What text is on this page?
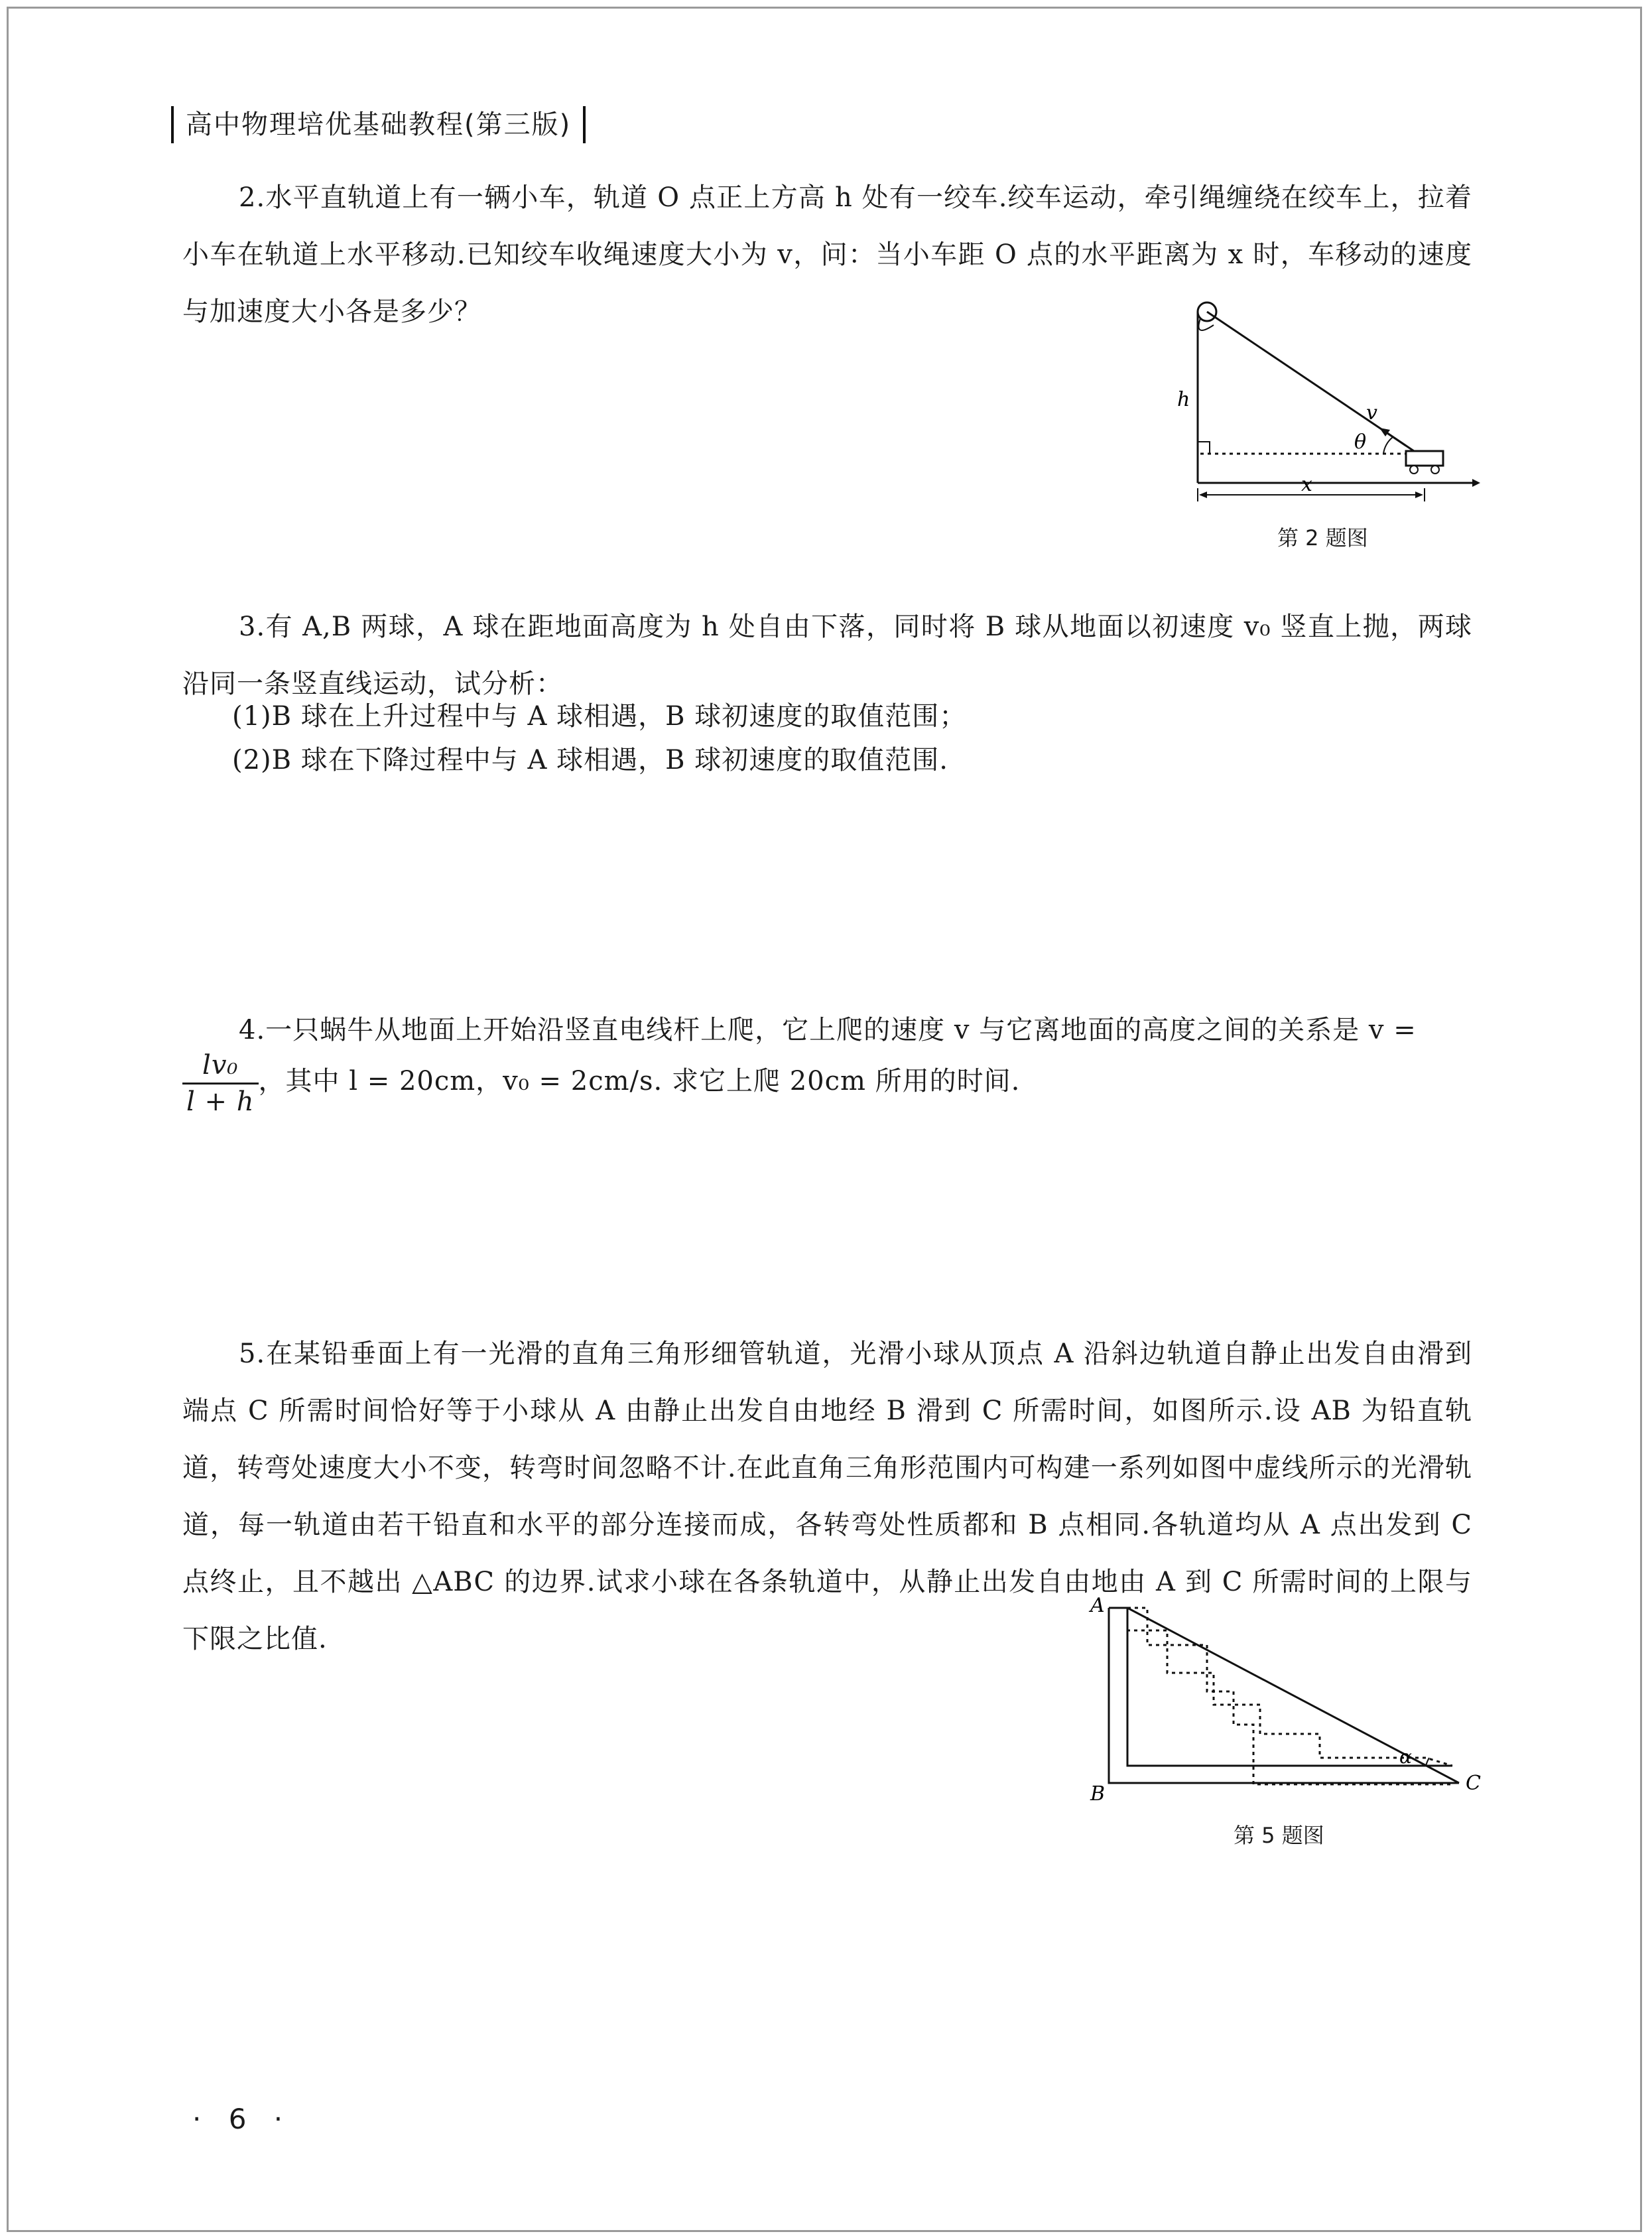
高中物理培优基础教程(第三版)

2.水平直轨道上有一辆小车，轨道 O 点正上方高 h 处有一绞车.绞车运动，牵引绳缠绕在绞车上，拉着小车在轨道上水平移动.已知绞车收绳速度大小为 v，问：当小车距 O 点的水平距离为 x 时，车移动的速度与加速度大小各是多少？

h
v
θ
x
第 2 题图

3.有 A,B 两球，A 球在距地面高度为 h 处自由下落，同时将 B 球从地面以初速度 v₀ 竖直上抛，两球沿同一条竖直线运动，试分析：

(1)B 球在上升过程中与 A 球相遇，B 球初速度的取值范围；
(2)B 球在下降过程中与 A 球相遇，B 球初速度的取值范围.
4.一只蜗牛从地面上开始沿竖直电线杆上爬，它上爬的速度 v 与它离地面的高度之间的关系是 v =
$\frac{\text{lv₀}}{l + h}$ ，其中 l = 20cm，v₀ = 2cm/s. 求它上爬 20cm 所用的时间.

5.在某铅垂面上有一光滑的直角三角形细管轨道，光滑小球从顶点 A 沿斜边轨道自静止出发自由滑到端点 C 所需时间恰好等于小球从 A 由静止出发自由地经 B 滑到 C 所需时间，如图所示.设 AB 为铅直轨道，转弯处速度大小不变，转弯时间忽略不计.在此直角三角形范围内可构建一系列如图中虚线所示的光滑轨道，每一轨道由若干铅直和水平的部分连接而成，各转弯处性质都和 B 点相同.各轨道均从 A 点出发到 C 点终止，且不越出 △ABC 的边界.试求小球在各条轨道中，从静止出发自由地由 A 到 C 所需时间的上限与下限之比值.

A
B	C
α
第 5 题图
· 6 ·
